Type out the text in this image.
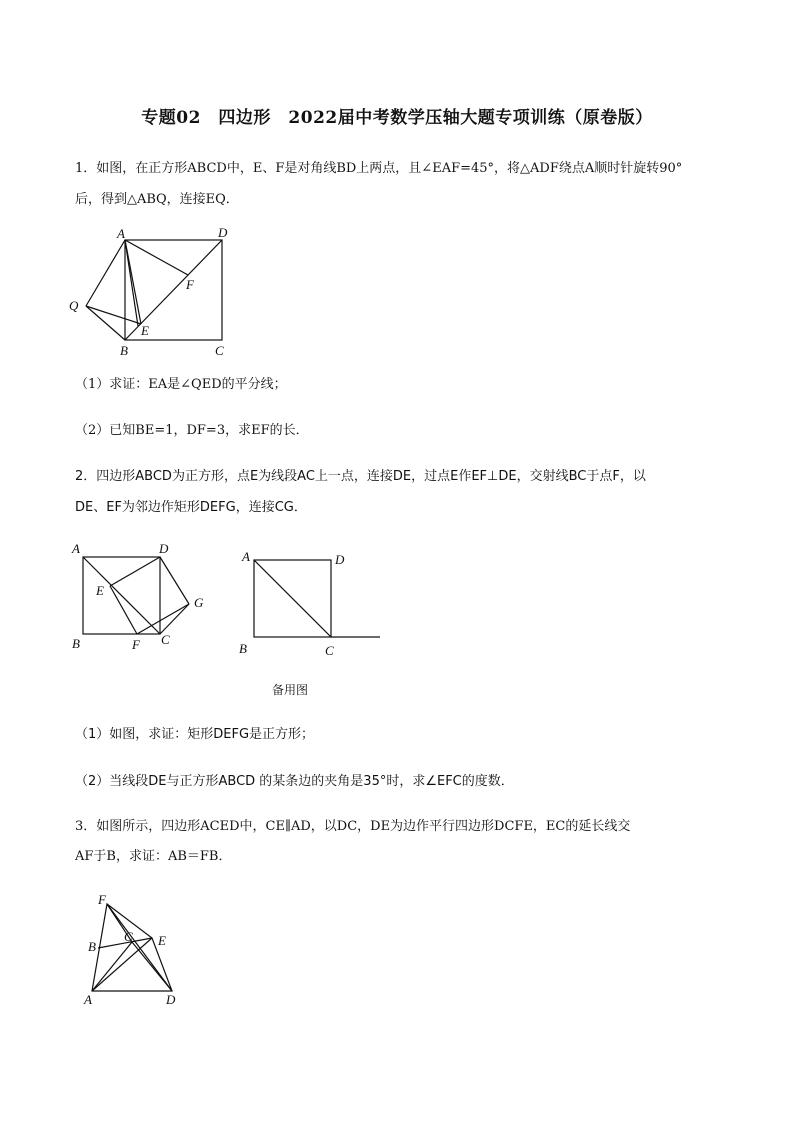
专题02　四边形　2022届中考数学压轴大题专项训练（原卷版）
1．如图，在正方形ABCD中，E、F是对角线BD上两点，且∠EAF=45°，将△ADF绕点A顺时针旋转90°
后，得到△ABQ，连接EQ．
A	D
Q
F
E
B	C
（1）求证：EA是∠QED的平分线；
（2）已知BE=1，DF=3，求EF的长．
2．四边形ABCD为正方形，点E为线段AC上一点，连接DE，过点E作EF⊥DE，交射线BC于点F，以
DE、EF为邻边作矩形DEFG，连接CG．
A	D
E
G
B	F C
A	D
B	C
备用图
（1）如图，求证：矩形DEFG是正方形；
（2）当线段DE与正方形ABCD 的某条边的夹角是35°时，求∠EFC的度数．
3．如图所示，四边形ACED中，CE∥AD，以DC，DE为边作平行四边形DCFE，EC的延长线交
AF于B，求证：AB＝FB．
F
B
C E
A	D
